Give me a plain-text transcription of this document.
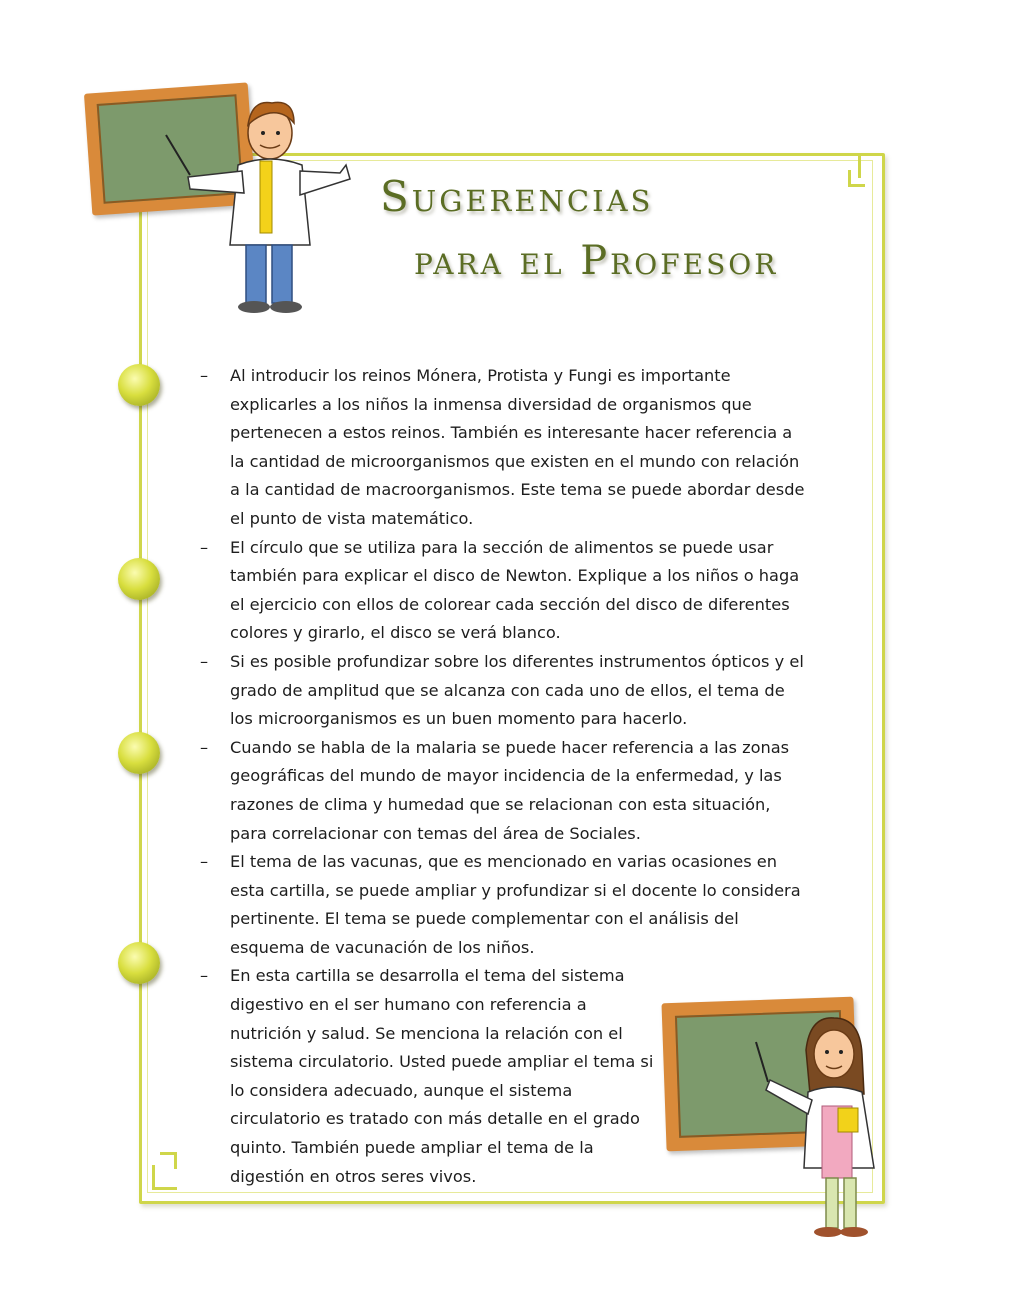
Sugerencias
para el Profesor
– Al introducir los reinos Mónera, Protista y Fungi es importante explicarles a los niños la inmensa diversidad de organismos que pertenecen a estos reinos. También es interesante hacer referencia a la cantidad de microorganismos que existen en el mundo con relación a la cantidad de macroorganismos. Este tema se puede abordar desde el punto de vista matemático.
– El círculo que se utiliza para la sección de alimentos se puede usar también para explicar el disco de Newton. Explique a los niños o haga el ejercicio con ellos de colorear cada sección del disco de diferentes colores y girarlo, el disco se verá blanco.
– Si es posible profundizar sobre los diferentes instrumentos ópticos y el grado de amplitud que se alcanza con cada uno de ellos, el tema de los microorganismos es un buen momento para hacerlo.
– Cuando se habla de la malaria se puede hacer referencia a las zonas geográficas del mundo de mayor incidencia de la enfermedad, y las razones de clima y humedad que se relacionan con esta situación, para correlacionar con temas del área de Sociales.
– El tema de las vacunas, que es mencionado en varias ocasiones en esta cartilla, se puede ampliar y profundizar si el docente lo considera pertinente. El tema se puede complementar con el análisis del esquema de vacunación de los niños.
– En esta cartilla se desarrolla el tema del sistema digestivo en el ser humano con referencia a nutrición y salud. Se menciona la relación con el sistema circulatorio. Usted puede ampliar el tema si lo considera adecuado, aunque el sistema circulatorio es tratado con más detalle en el grado quinto. También puede ampliar el tema de la digestión en otros seres vivos.
